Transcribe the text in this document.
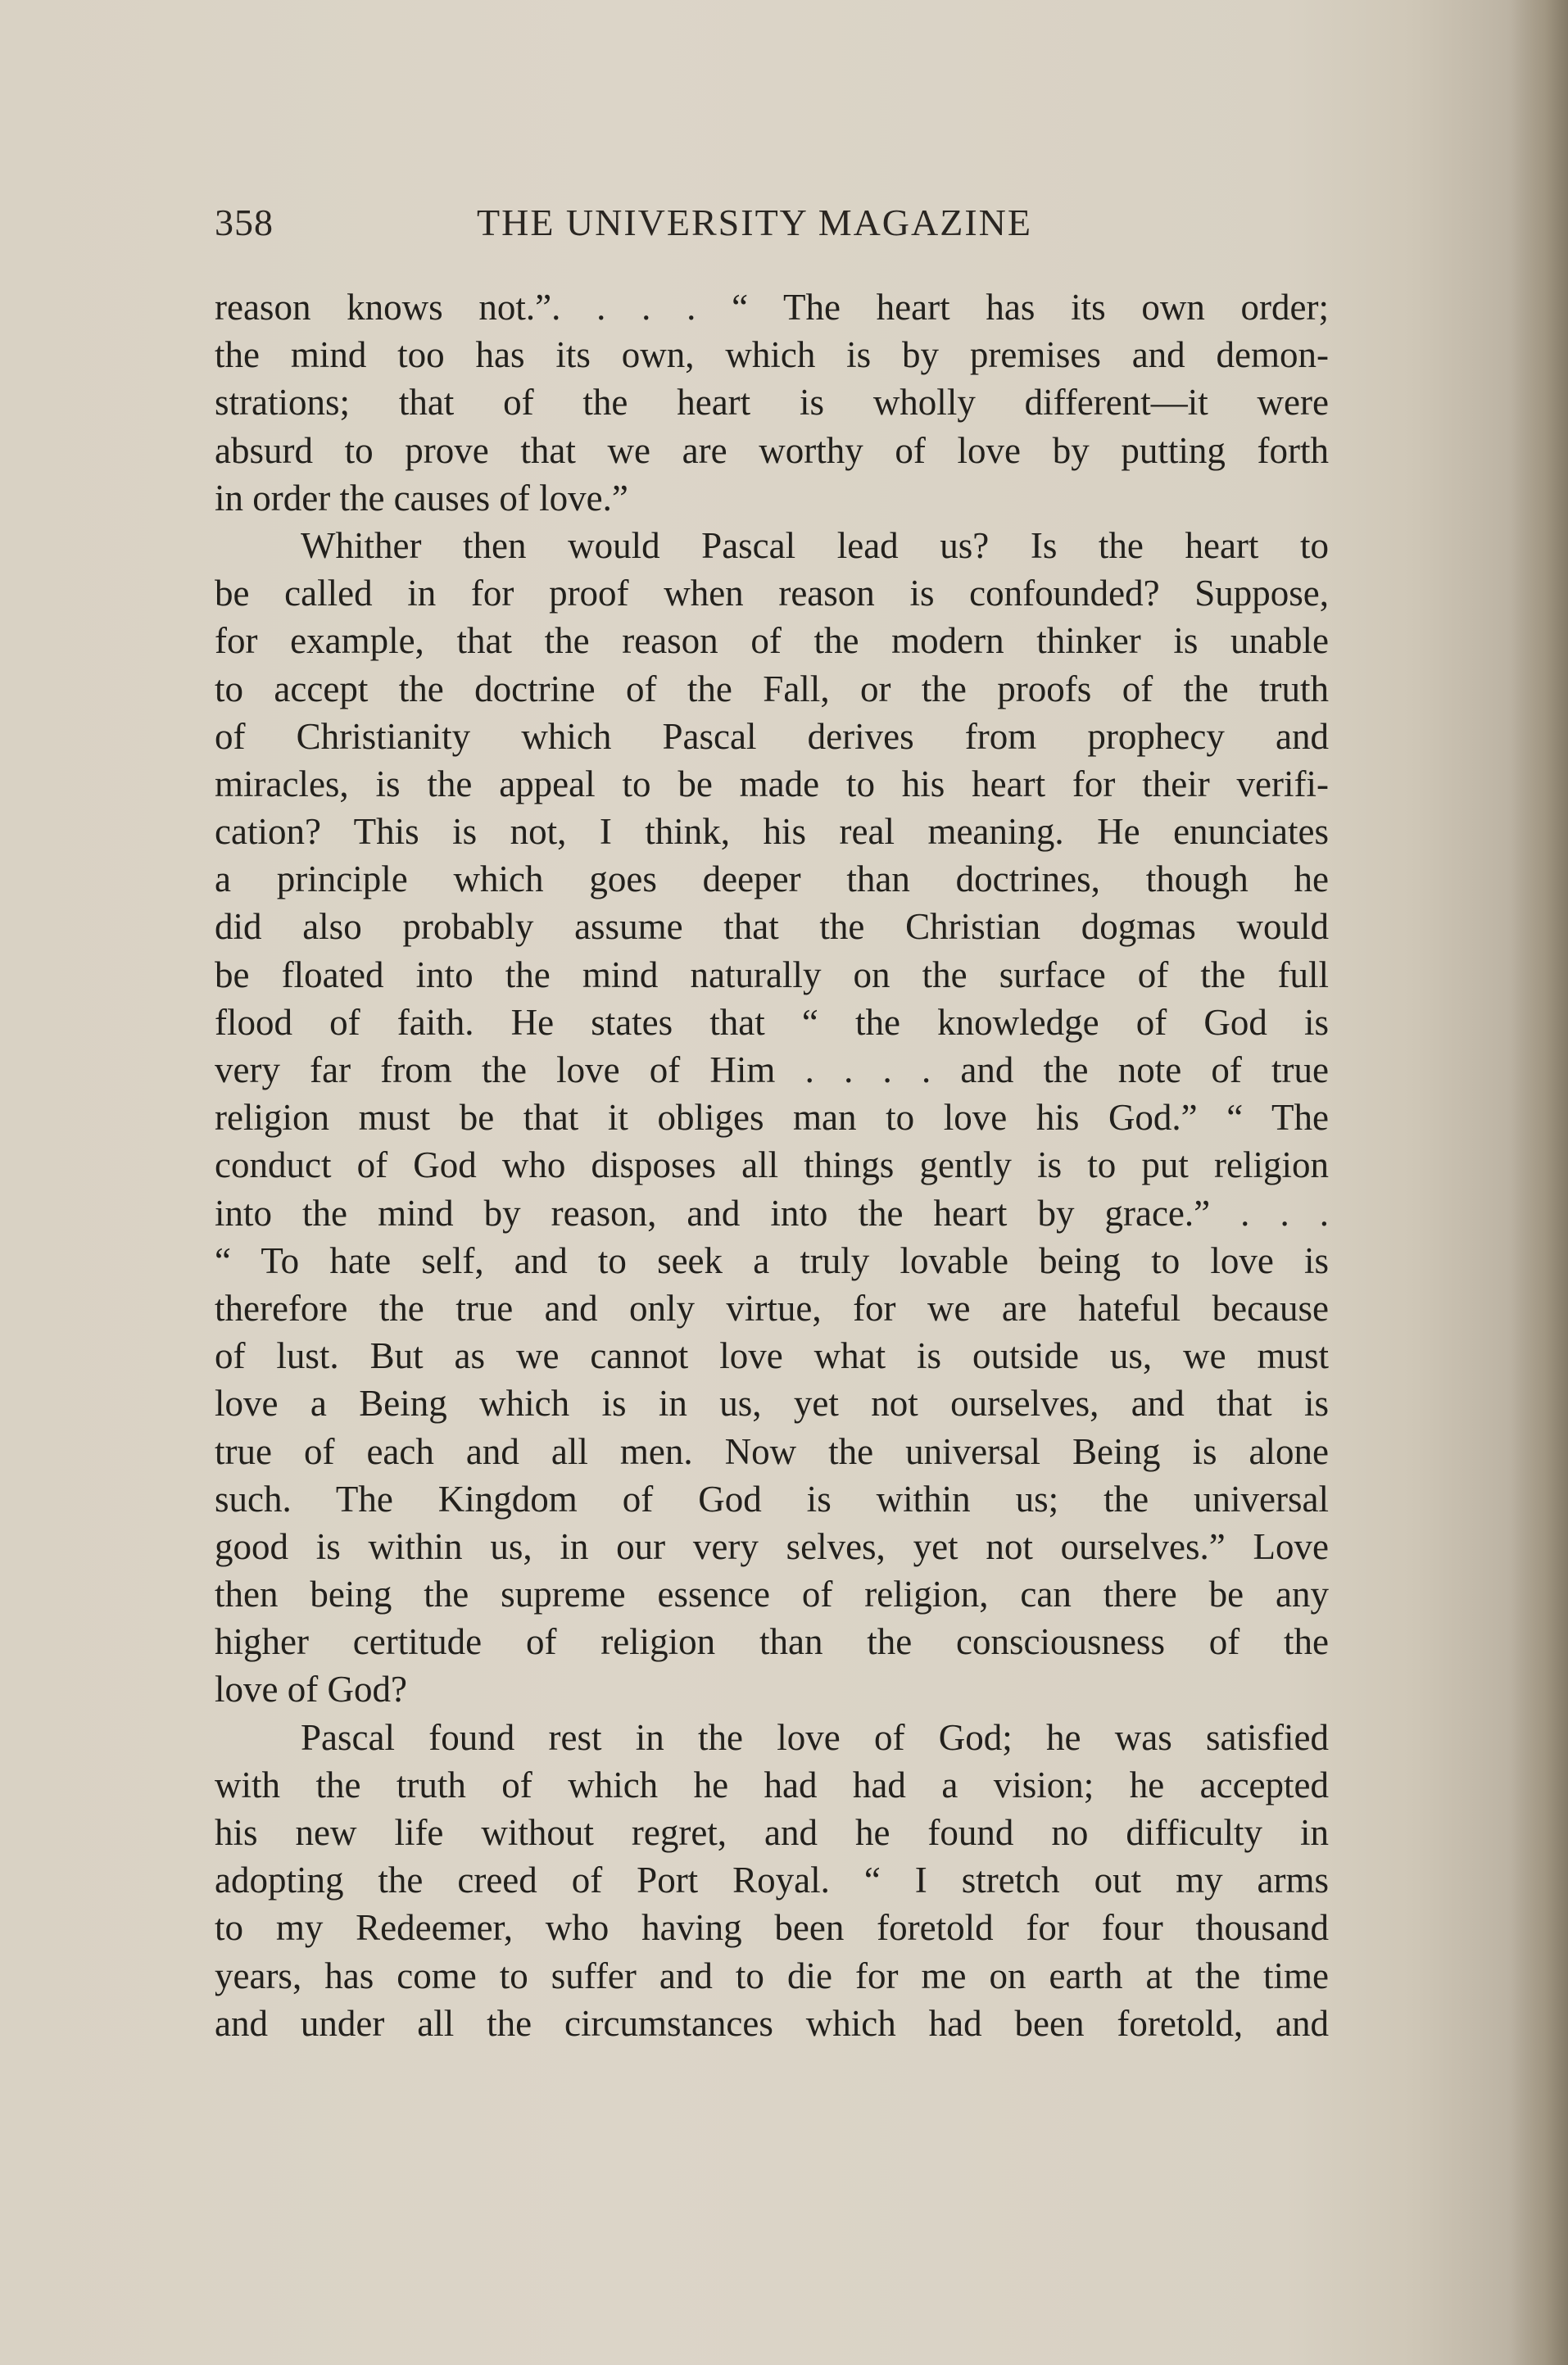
358	THE UNIVERSITY MAGAZINE
reason knows not.”. . . . “ The heart has its own order;
the mind too has its own, which is by premises and demon-
strations; that of the heart is wholly different—it were
absurd to prove that we are worthy of love by putting forth
in order the causes of love.”
Whither then would Pascal lead us? Is the heart to
be called in for proof when reason is confounded? Suppose,
for example, that the reason of the modern thinker is unable
to accept the doctrine of the Fall, or the proofs of the truth
of Christianity which Pascal derives from prophecy and
miracles, is the appeal to be made to his heart for their verifi-
cation? This is not, I think, his real meaning. He enunciates
a principle which goes deeper than doctrines, though he
did also probably assume that the Christian dogmas would
be floated into the mind naturally on the surface of the full
flood of faith. He states that “ the knowledge of God is
very far from the love of Him . . . . and the note of true
religion must be that it obliges man to love his God.” “ The
conduct of God who disposes all things gently is to put religion
into the mind by reason, and into the heart by grace.” . . .
“ To hate self, and to seek a truly lovable being to love is
therefore the true and only virtue, for we are hateful because
of lust. But as we cannot love what is outside us, we must
love a Being which is in us, yet not ourselves, and that is
true of each and all men. Now the universal Being is alone
such. The Kingdom of God is within us; the universal
good is within us, in our very selves, yet not ourselves.” Love
then being the supreme essence of religion, can there be any
higher certitude of religion than the consciousness of the
love of God?
Pascal found rest in the love of God; he was satisfied
with the truth of which he had had a vision; he accepted
his new life without regret, and he found no difficulty in
adopting the creed of Port Royal. “ I stretch out my arms
to my Redeemer, who having been foretold for four thousand
years, has come to suffer and to die for me on earth at the time
and under all the circumstances which had been foretold, and
